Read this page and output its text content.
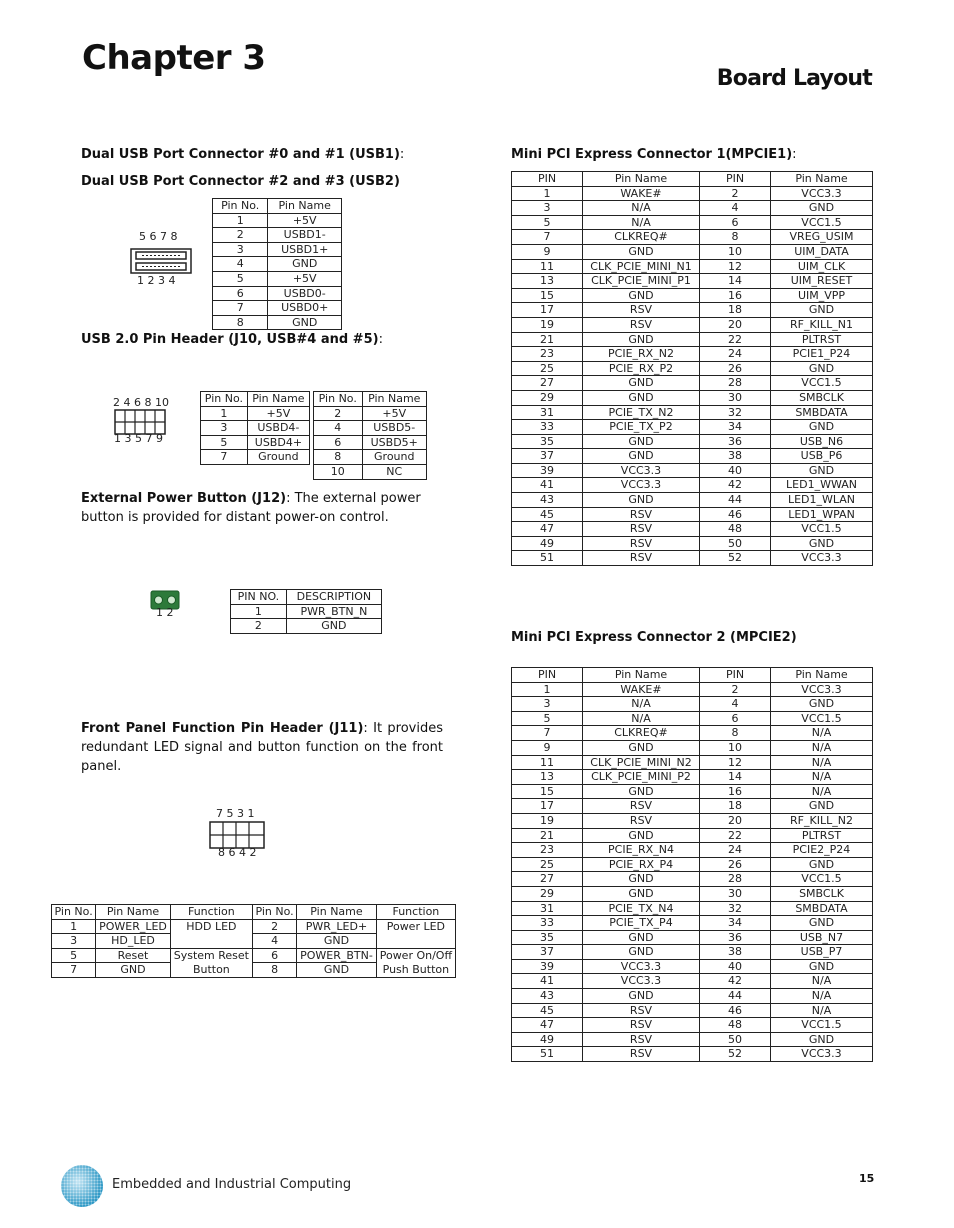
Chapter 3
Board Layout
Dual USB Port Connector #0 and #1 (USB1):
Dual USB Port Connector #2 and #3 (USB2)
5 6 7 8
1 2 3 4
Pin No.	Pin Name
1	+5V
2	USBD1-
3	USBD1+
4	GND
5	+5V
6	USBD0-
7	USBD0+
8	GND
USB 2.0 Pin Header (J10, USB#4 and #5):
2 4 6 8 10
1 3 5 7 9
Pin No.	Pin Name
1	+5V
3	USBD4-
5	USBD4+
7	Ground
Pin No.	Pin Name
2	+5V
4	USBD5-
6	USBD5+
8	Ground
10	NC
External Power Button (J12): The external power button is provided for distant power-on control.
1 2
PIN NO.	DESCRIPTION
1	PWR_BTN_N
2	GND
Front Panel Function Pin Header (J11): It provides redundant LED signal and button function on the front panel.
7 5 3 1
8 6 4 2
Pin No.	Pin Name	Function	Pin No.	Pin Name	Function
1	POWER_LED	HDD LED	2	PWR_LED+	Power LED
3	HD_LED		4	GND	
5	Reset	System Reset	6	POWER_BTN-	Power On/Off
7	GND	Button	8	GND	Push Button
Mini PCI Express Connector 1(MPCIE1):
PIN	Pin Name	PIN	Pin Name
1	WAKE#	2	VCC3.3
3	N/A	4	GND
5	N/A	6	VCC1.5
7	CLKREQ#	8	VREG_USIM
9	GND	10	UIM_DATA
11	CLK_PCIE_MINI_N1	12	UIM_CLK
13	CLK_PCIE_MINI_P1	14	UIM_RESET
15	GND	16	UIM_VPP
17	RSV	18	GND
19	RSV	20	RF_KILL_N1
21	GND	22	PLTRST
23	PCIE_RX_N2	24	PCIE1_P24
25	PCIE_RX_P2	26	GND
27	GND	28	VCC1.5
29	GND	30	SMBCLK
31	PCIE_TX_N2	32	SMBDATA
33	PCIE_TX_P2	34	GND
35	GND	36	USB_N6
37	GND	38	USB_P6
39	VCC3.3	40	GND
41	VCC3.3	42	LED1_WWAN
43	GND	44	LED1_WLAN
45	RSV	46	LED1_WPAN
47	RSV	48	VCC1.5
49	RSV	50	GND
51	RSV	52	VCC3.3
Mini PCI Express Connector 2 (MPCIE2)
PIN	Pin Name	PIN	Pin Name
1	WAKE#	2	VCC3.3
3	N/A	4	GND
5	N/A	6	VCC1.5
7	CLKREQ#	8	N/A
9	GND	10	N/A
11	CLK_PCIE_MINI_N2	12	N/A
13	CLK_PCIE_MINI_P2	14	N/A
15	GND	16	N/A
17	RSV	18	GND
19	RSV	20	RF_KILL_N2
21	GND	22	PLTRST
23	PCIE_RX_N4	24	PCIE2_P24
25	PCIE_RX_P4	26	GND
27	GND	28	VCC1.5
29	GND	30	SMBCLK
31	PCIE_TX_N4	32	SMBDATA
33	PCIE_TX_P4	34	GND
35	GND	36	USB_N7
37	GND	38	USB_P7
39	VCC3.3	40	GND
41	VCC3.3	42	N/A
43	GND	44	N/A
45	RSV	46	N/A
47	RSV	48	VCC1.5
49	RSV	50	GND
51	RSV	52	VCC3.3
Embedded and Industrial Computing	15
